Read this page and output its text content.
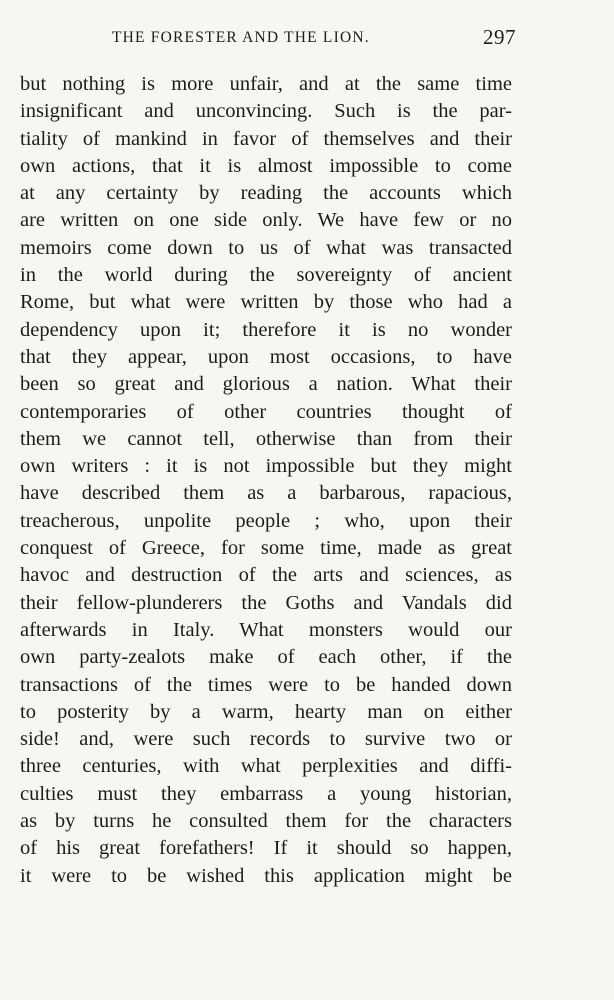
THE FORESTER AND THE LION.	297
but nothing is more unfair, and at the same time
insignificant and unconvincing. Such is the par-
tiality of mankind in favor of themselves and their
own actions, that it is almost impossible to come
at any certainty by reading the accounts which
are written on one side only. We have few or no
memoirs come down to us of what was transacted
in the world during the sovereignty of ancient
Rome, but what were written by those who had a
dependency upon it; therefore it is no wonder
that they appear, upon most occasions, to have
been so great and glorious a nation. What their
contemporaries of other countries thought of
them we cannot tell, otherwise than from their
own writers : it is not impossible but they might
have described them as a barbarous, rapacious,
treacherous, unpolite people ; who, upon their
conquest of Greece, for some time, made as great
havoc and destruction of the arts and sciences, as
their fellow-plunderers the Goths and Vandals did
afterwards in Italy. What monsters would our
own party-zealots make of each other, if the
transactions of the times were to be handed down
to posterity by a warm, hearty man on either
side! and, were such records to survive two or
three centuries, with what perplexities and diffi-
culties must they embarrass a young historian,
as by turns he consulted them for the characters
of his great forefathers! If it should so happen,
it were to be wished this application might be
